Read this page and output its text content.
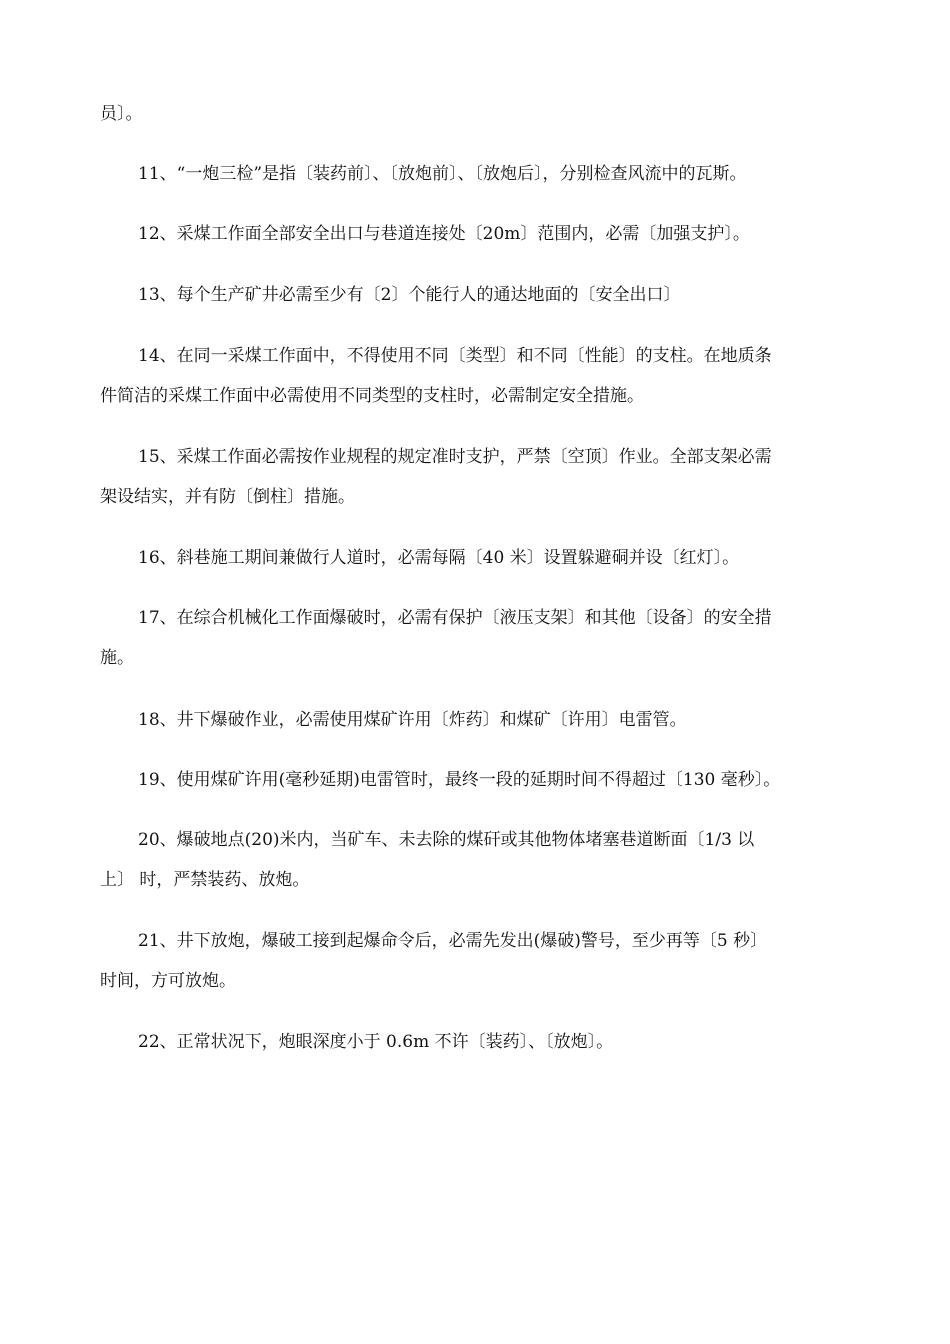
员〕。

11、“一炮三检”是指〔装药前〕、〔放炮前〕、〔放炮后〕，分别检查风流中的瓦斯。

12、采煤工作面全部安全出口与巷道连接处〔20m〕范围内，必需〔加强支护〕。

13、每个生产矿井必需至少有〔2〕个能行人的通达地面的〔安全出口〕

14、在同一采煤工作面中，不得使用不同〔类型〕和不同〔性能〕的支柱。在地质条
件简洁的采煤工作面中必需使用不同类型的支柱时，必需制定安全措施。

15、采煤工作面必需按作业规程的规定准时支护，严禁〔空顶〕作业。全部支架必需
架设结实，并有防〔倒柱〕措施。

16、斜巷施工期间兼做行人道时，必需每隔〔40 米〕设置躲避硐并设〔红灯〕。

17、在综合机械化工作面爆破时，必需有保护〔液压支架〕和其他〔设备〕的安全措
施。

18、井下爆破作业，必需使用煤矿许用〔炸药〕和煤矿〔许用〕电雷管。

19、使用煤矿许用(毫秒延期)电雷管时，最终一段的延期时间不得超过〔130 毫秒〕。

20、爆破地点(20)米内，当矿车、未去除的煤矸或其他物体堵塞巷道断面〔1/3 以
上〕 时，严禁装药、放炮。

21、井下放炮，爆破工接到起爆命令后，必需先发出(爆破)警号，至少再等〔5 秒〕
时间，方可放炮。

22、正常状况下，炮眼深度小于 0.6m 不许〔装药〕、〔放炮〕。
